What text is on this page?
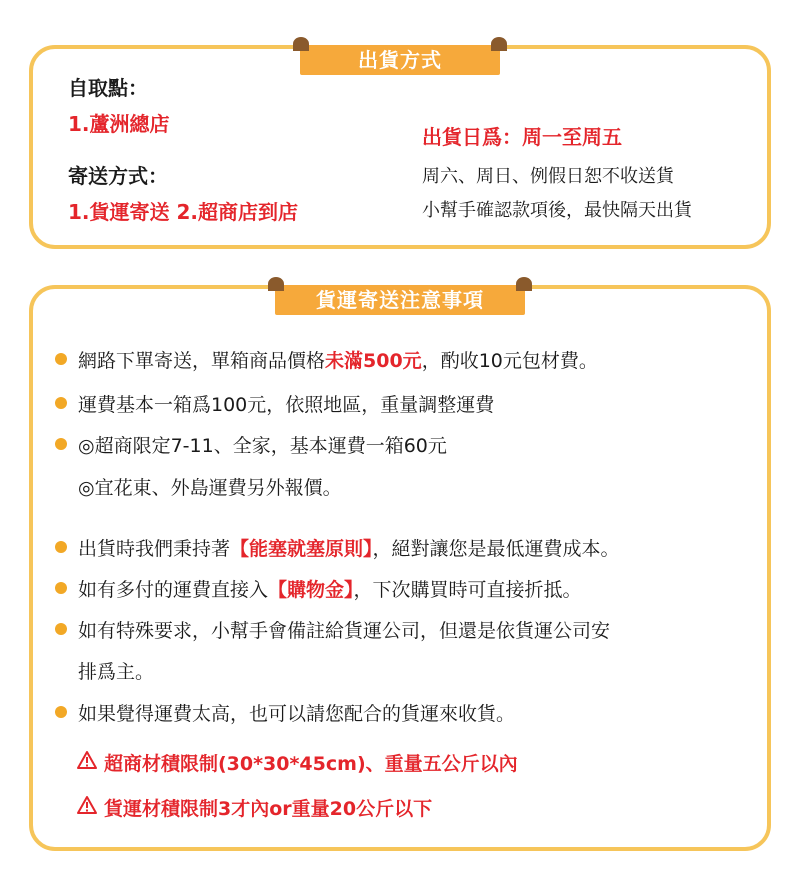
出貨方式
自取點：
1.蘆洲總店
寄送方式：
1.貨運寄送 2.超商店到店
出貨日爲：周一至周五
周六、周日、例假日恕不收送貨
小幫手確認款項後，最快隔天出貨
貨運寄送注意事項
網路下單寄送，單箱商品價格未滿500元，酌收10元包材費。
運費基本一箱爲100元，依照地區，重量調整運費
◎超商限定7-11、全家，基本運費一箱60元
◎宜花東、外島運費另外報價。
出貨時我們秉持著【能塞就塞原則】，絕對讓您是最低運費成本。
如有多付的運費直接入【購物金】，下次購買時可直接折抵。
如有特殊要求，小幫手會備註給貨運公司，但還是依貨運公司安
排爲主。
如果覺得運費太高，也可以請您配合的貨運來收貨。
超商材積限制(30*30*45cm)、重量五公斤以內
貨運材積限制3才內or重量20公斤以下
